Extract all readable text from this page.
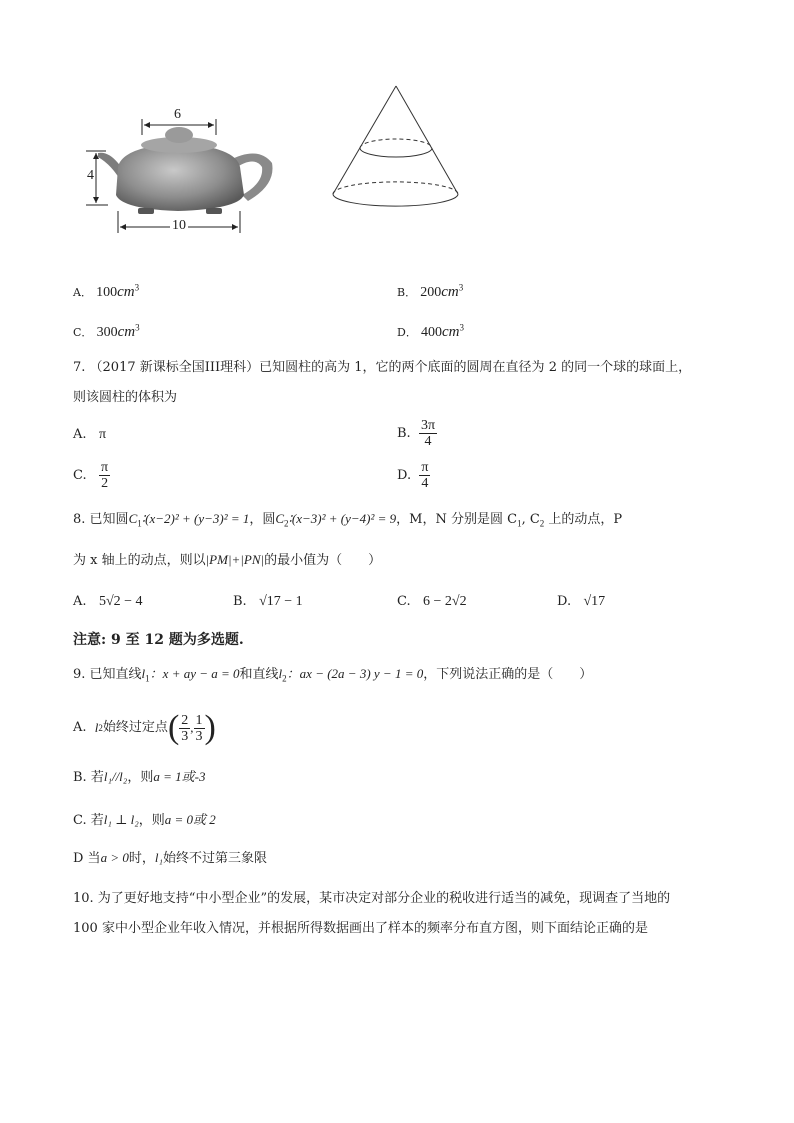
6
4
10
A． $100cm^3$	B． $200cm^3$
C． $300cm^3$	D． $400cm^3$
7. （2017 新课标全国III理科）已知圆柱的高为 1，它的两个底面的圆周在直径为 2 的同一个球的球面上，
则该圆柱的体积为
A. π	B. $\frac{3\pi}{4}$
C. $\frac{\pi}{2}$	D. $\frac{\pi}{4}$
8. 已知圆$C_1∶(x-2)^2 + (y-3)^2 = 1$，圆$C_2∶(x-3)^2 + (y-4)^2 = 9$，M，N 分别是圆 $C_1$, $C_2$ 上的动点，P
为 x 轴上的动点，则以|PM|+|PN|的最小值为（　　）
A. 5√2 − 4	B. √17 − 1	C. 6 − 2√2	D. √17
注意: 9 至 12 题为多选题.
9. 已知直线$l_1$：x + ay − a = 0和直线$l_2$：ax − (2a − 3) y − 1 = 0，下列说法正确的是（　　）
A.
l 2 始终过定点 ( $\frac{2}{3}$ , $\frac{1}{3}$ )
B. 若l₁//l₂，则a = 1或-3
C. 若l₁ ⊥ l₂，则a = 0或 2
D 当a > 0时，l₁始终不过第三象限
10. 为了更好地支持“中小型企业”的发展，某市决定对部分企业的税收进行适当的减免，现调查了当地的
100 家中小型企业年收入情况，并根据所得数据画出了样本的频率分布直方图，则下面结论正确的是
